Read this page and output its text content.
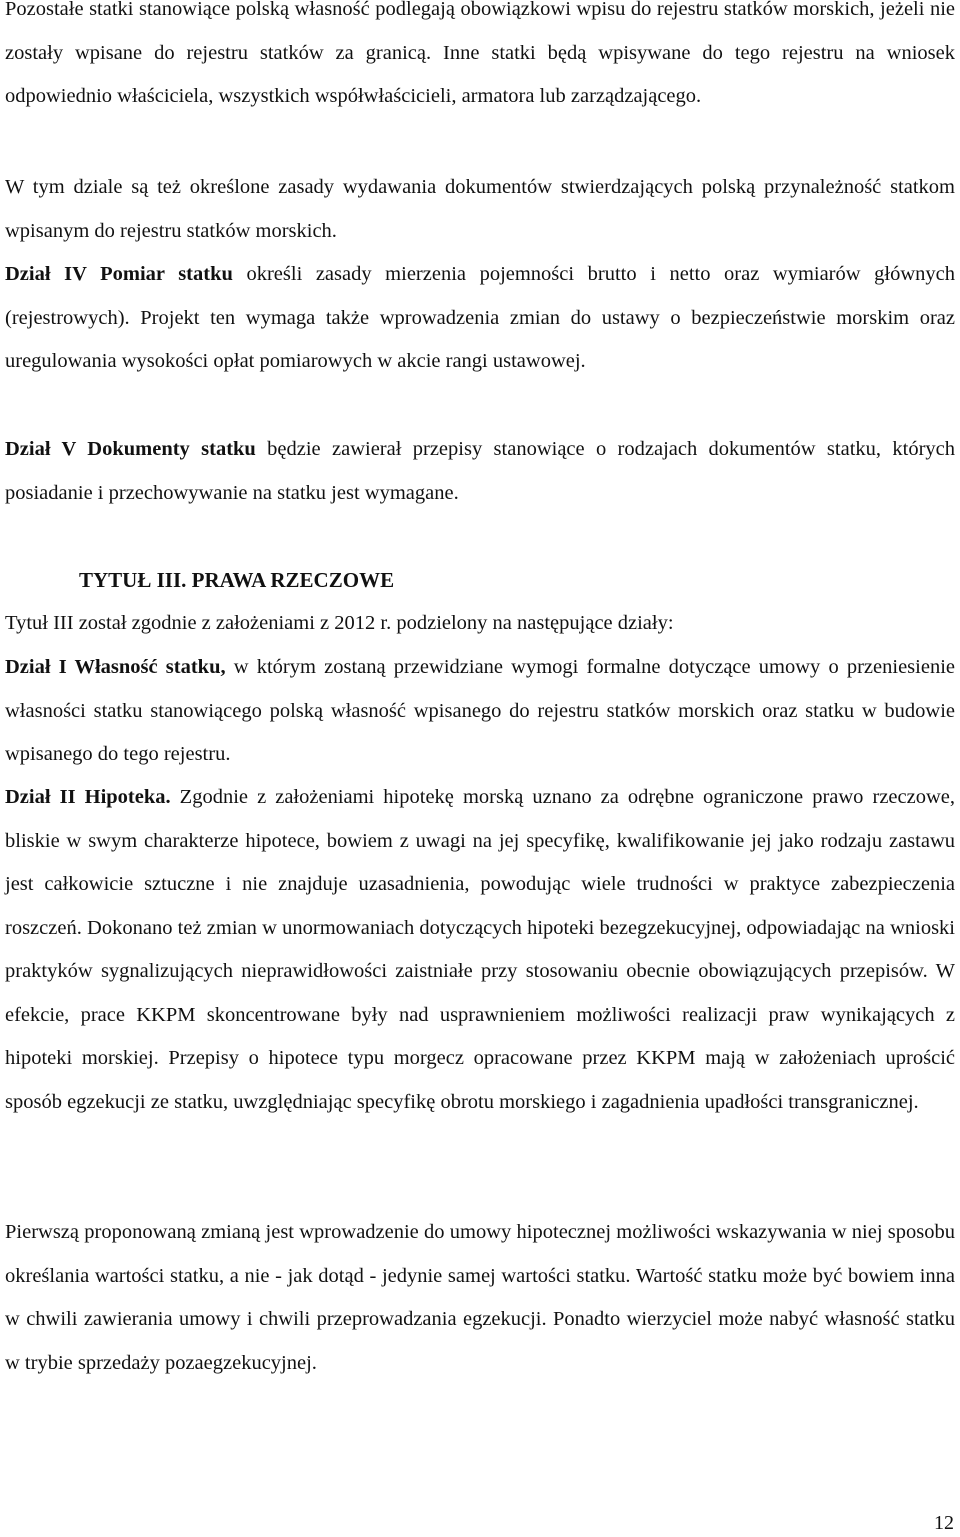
Pozostałe statki stanowiące polską własność podlegają obowiązkowi wpisu do rejestru statków morskich, jeżeli nie zostały wpisane do rejestru statków za granicą. Inne statki będą wpisywane do tego rejestru na wniosek odpowiednio właściciela, wszystkich współwłaścicieli, armatora lub zarządzającego.

W tym dziale są też określone zasady wydawania dokumentów stwierdzających polską przynależność statkom wpisanym do rejestru statków morskich.

Dział IV Pomiar statku określi zasady mierzenia pojemności brutto i netto oraz wymiarów głównych (rejestrowych). Projekt ten wymaga także wprowadzenia zmian do ustawy o bezpieczeństwie morskim oraz uregulowania wysokości opłat pomiarowych w akcie rangi ustawowej.

Dział V Dokumenty statku będzie zawierał przepisy stanowiące o rodzajach dokumentów statku, których posiadanie i przechowywanie na statku jest wymagane.

TYTUŁ III. PRAWA RZECZOWE

Tytuł III został zgodnie z założeniami z 2012 r. podzielony na następujące działy:

Dział I Własność statku, w którym zostaną przewidziane wymogi formalne dotyczące umowy o przeniesienie własności statku stanowiącego polską własność wpisanego do rejestru statków morskich oraz statku w budowie wpisanego do tego rejestru.

Dział II Hipoteka. Zgodnie z założeniami hipotekę morską uznano za odrębne ograniczone prawo rzeczowe, bliskie w swym charakterze hipotece, bowiem z uwagi na jej specyfikę, kwalifikowanie jej jako rodzaju zastawu jest całkowicie sztuczne i nie znajduje uzasadnienia, powodując wiele trudności w praktyce zabezpieczenia roszczeń. Dokonano też zmian w unormowaniach dotyczących hipoteki bezegzekucyjnej, odpowiadając na wnioski praktyków sygnalizujących nieprawidłowości zaistniałe przy stosowaniu obecnie obowiązujących przepisów. W efekcie, prace KKPM skoncentrowane były nad usprawnieniem możliwości realizacji praw wynikających z hipoteki morskiej. Przepisy o hipotece typu morgecz opracowane przez KKPM mają w założeniach uprościć sposób egzekucji ze statku, uwzględniając specyfikę obrotu morskiego i zagadnienia upadłości transgranicznej.

Pierwszą proponowaną zmianą jest wprowadzenie do umowy hipotecznej możliwości wskazywania w niej sposobu określania wartości statku, a nie - jak dotąd - jedynie samej wartości statku. Wartość statku może być bowiem inna w chwili zawierania umowy i chwili przeprowadzania egzekucji. Ponadto wierzyciel może nabyć własność statku w trybie sprzedaży pozaegzekucyjnej.

12
